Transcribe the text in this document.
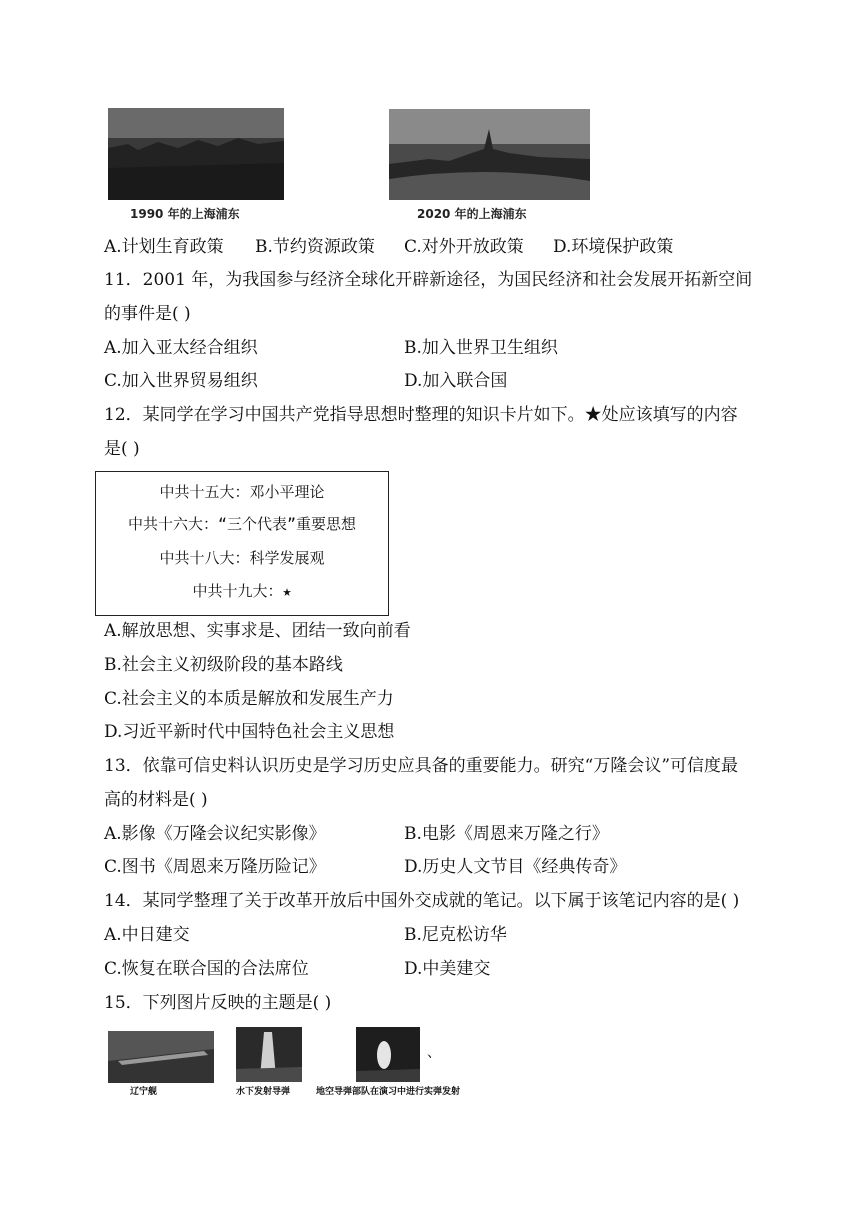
1990 年的上海浦东	2020 年的上海浦东
A.计划生育政策 B.节约资源政策 C.对外开放政策 D.环境保护政策
11．2001 年，为我国参与经济全球化开辟新途径，为国民经济和社会发展开拓新空间
的事件是( )
A.加入亚太经合组织	B.加入世界卫生组织
C.加入世界贸易组织	D.加入联合国
12．某同学在学习中国共产党指导思想时整理的知识卡片如下。★处应该填写的内容
是( )
中共十五大：邓小平理论
中共十六大：“三个代表”重要思想
中共十八大：科学发展观
中共十九大：★
A.解放思想、实事求是、团结一致向前看
B.社会主义初级阶段的基本路线
C.社会主义的本质是解放和发展生产力
D.习近平新时代中国特色社会主义思想
13．依靠可信史料认识历史是学习历史应具备的重要能力。研究“万隆会议”可信度最
高的材料是( )
A.影像《万隆会议纪实影像》	B.电影《周恩来万隆之行》
C.图书《周恩来万隆历险记》	D.历史人文节目《经典传奇》
14．某同学整理了关于改革开放后中国外交成就的笔记。以下属于该笔记内容的是( )
A.中日建交	B.尼克松访华
C.恢复在联合国的合法席位	D.中美建交
15．下列图片反映的主题是( )
辽宁舰	水下发射导弹
、
地空导弹部队在演习中进行实弹发射
